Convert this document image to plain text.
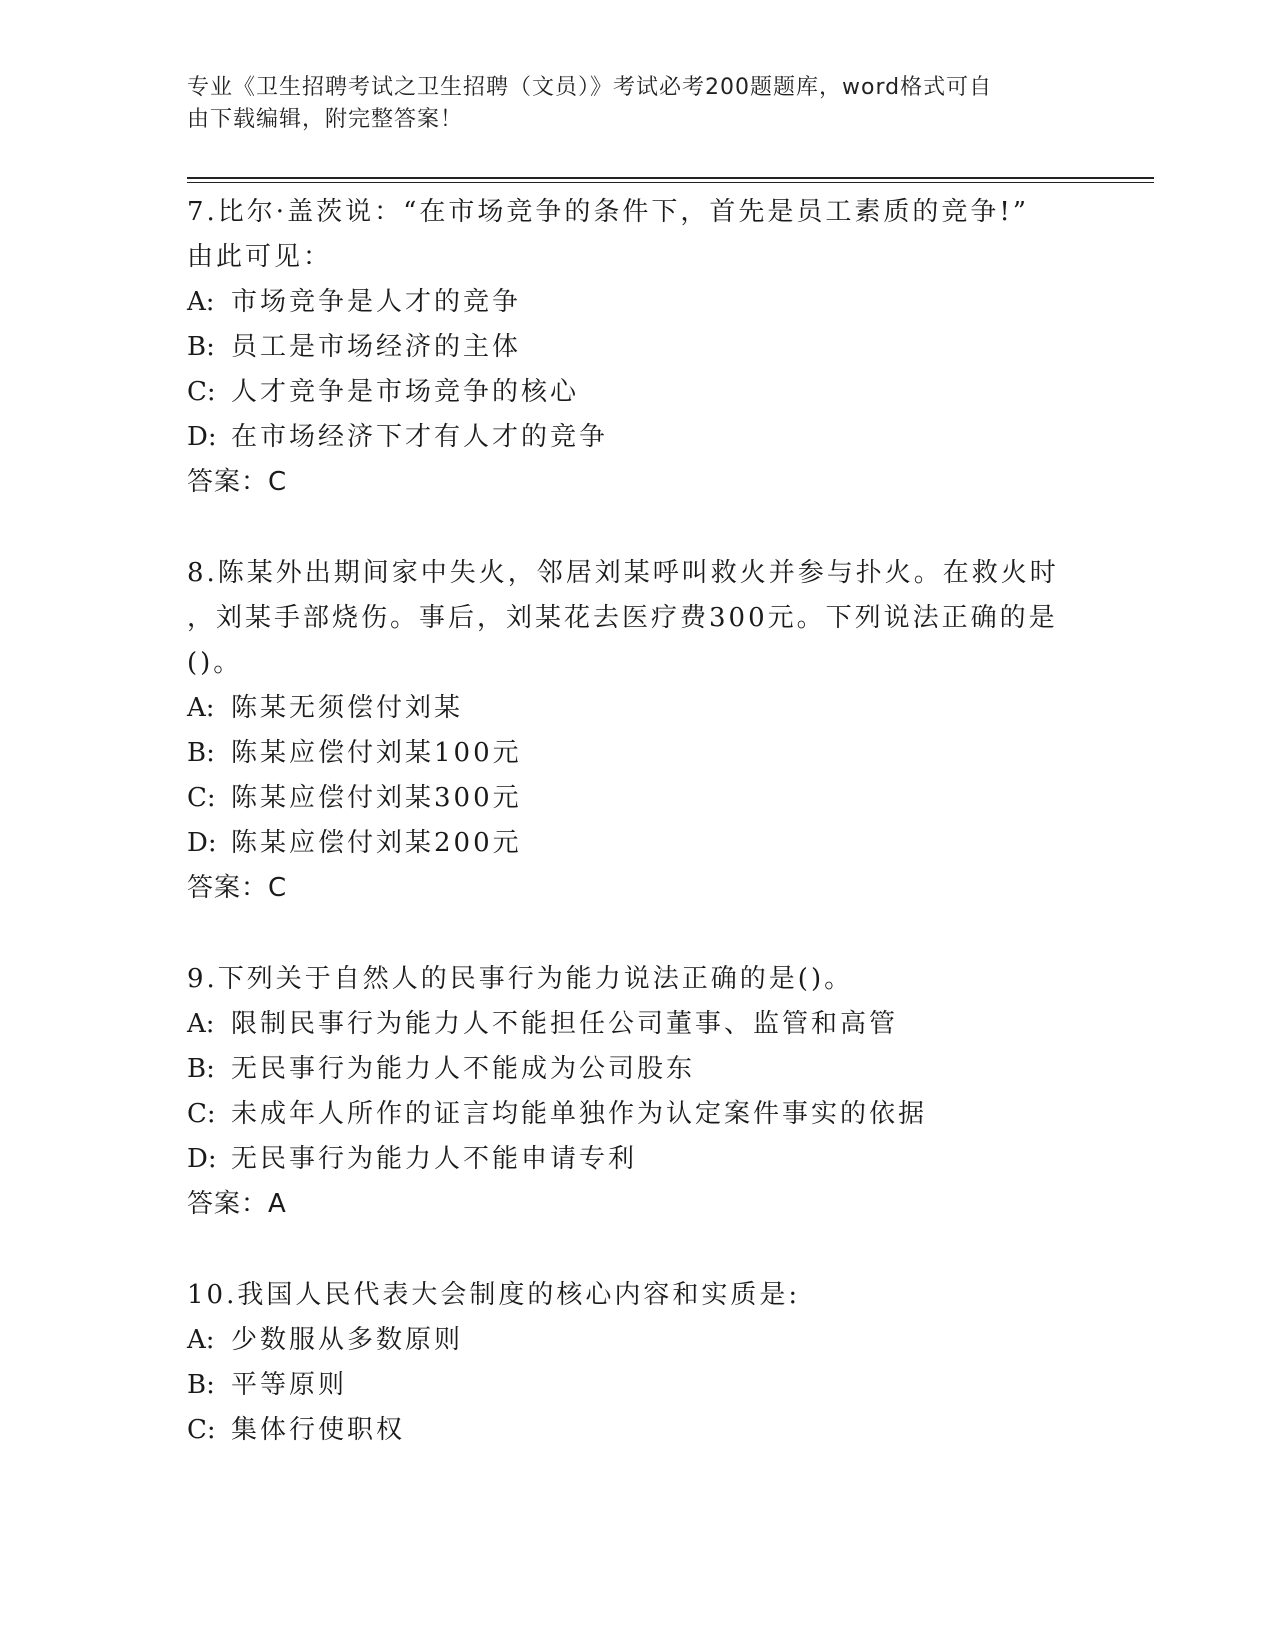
专业《卫生招聘考试之卫生招聘（文员）》考试必考200题题库，word格式可自
由下载编辑，附完整答案！
7.比尔·盖茨说：“在市场竞争的条件下，首先是员工素质的竞争!”
由此可见：
A: 市场竞争是人才的竞争
B: 员工是市场经济的主体
C: 人才竞争是市场竞争的核心
D: 在市场经济下才有人才的竞争
答案：C
8.陈某外出期间家中失火，邻居刘某呼叫救火并参与扑火。在救火时
，刘某手部烧伤。事后，刘某花去医疗费300元。下列说法正确的是
()。
A: 陈某无须偿付刘某
B: 陈某应偿付刘某100元
C: 陈某应偿付刘某300元
D: 陈某应偿付刘某200元
答案：C
9.下列关于自然人的民事行为能力说法正确的是()。
A: 限制民事行为能力人不能担任公司董事、监管和高管
B: 无民事行为能力人不能成为公司股东
C: 未成年人所作的证言均能单独作为认定案件事实的依据
D: 无民事行为能力人不能申请专利
答案：A
10.我国人民代表大会制度的核心内容和实质是:
A: 少数服从多数原则
B: 平等原则
C: 集体行使职权
